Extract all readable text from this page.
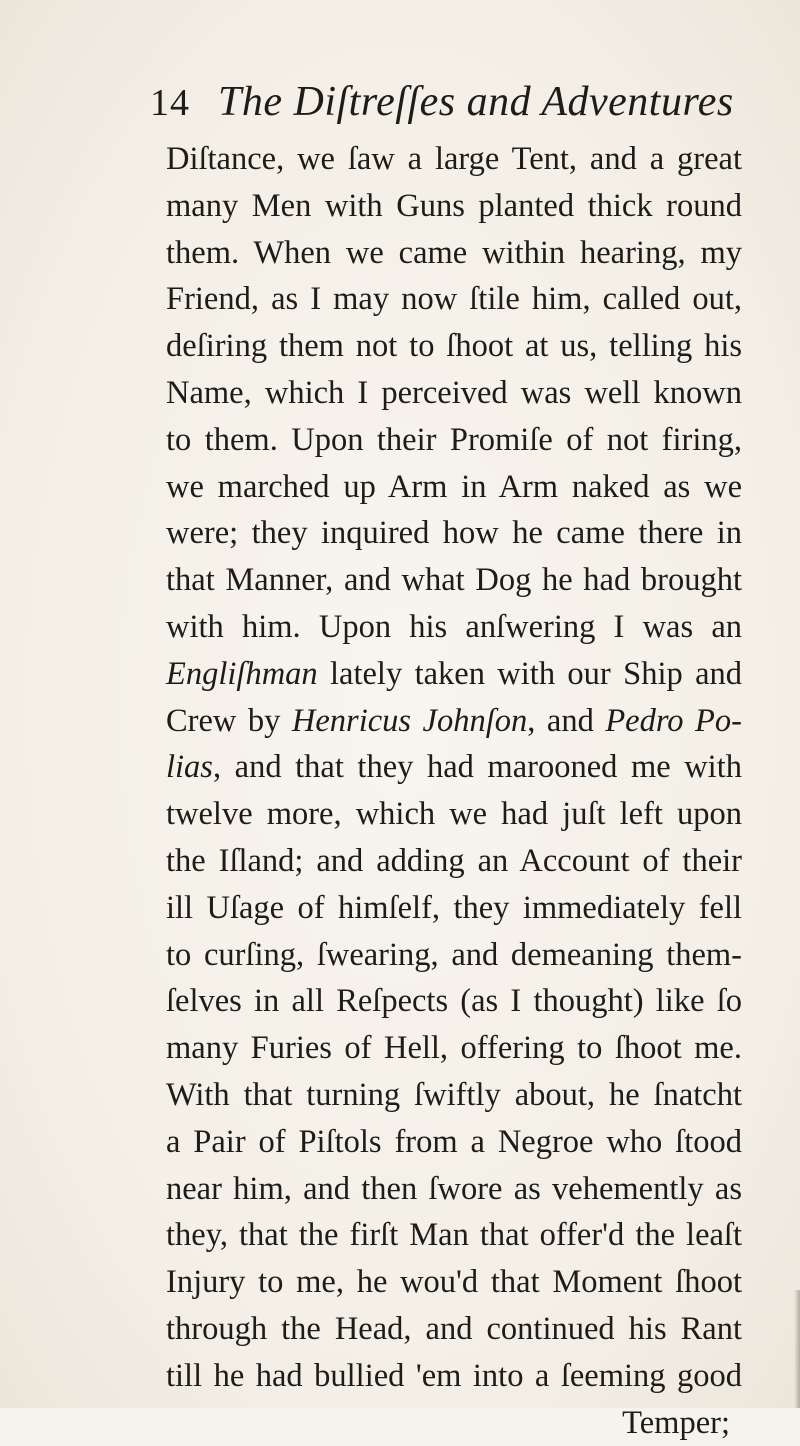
14 The Diſtreſſes and Adventures
Diſtance, we ſaw a large Tent, and a great
many Men with Guns planted thick round
them. When we came within hearing, my
Friend, as I may now ſtile him, called out,
deſiring them not to ſhoot at us, telling his
Name, which I perceived was well known
to them. Upon their Promiſe of not firing,
we marched up Arm in Arm naked as we
were; they inquired how he came there in
that Manner, and what Dog he had brought
with him. Upon his anſwering I was an
Engliſhman lately taken with our Ship and
Crew by Henricus Johnſon, and Pedro Po-
lias, and that they had marooned me with
twelve more, which we had juſt left upon
the Iſland; and adding an Account of their
ill Uſage of himſelf, they immediately fell
to curſing, ſwearing, and demeaning them-
ſelves in all Reſpects (as I thought) like ſo
many Furies of Hell, offering to ſhoot me.
With that turning ſwiftly about, he ſnatcht
a Pair of Piſtols from a Negroe who ſtood
near him, and then ſwore as vehemently as
they, that the firſt Man that offer'd the leaſt
Injury to me, he wou'd that Moment ſhoot
through the Head, and continued his Rant
till he had bullied 'em into a ſeeming good
Temper;
